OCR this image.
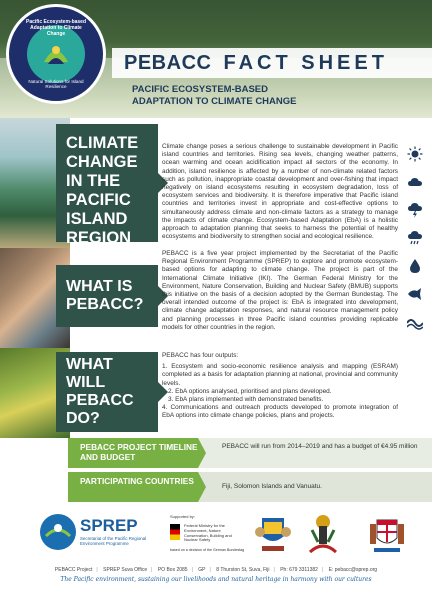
Pacific Ecosystem-based Adaptation to Climate Change
Natural Solutions for Island Resilience
PEBACC FACT SHEET
PACIFIC ECOSYSTEM-BASED
ADAPTATION TO CLIMATE CHANGE
CLIMATE CHANGE IN THE PACIFIC ISLAND REGION
WHAT IS PEBACC?
WHAT WILL PEBACC DO?
Climate change poses a serious challenge to sustainable development in Pacific island countries and territories. Rising sea levels, changing weather patterns, ocean warming and ocean acidification impact all sectors of the economy. In addition, island resilience is affected by a number of non-climate related factors such as pollution, inappropriate coastal development and over-fishing that impact negatively on island ecosystems resulting in ecosystem degradation, loss of ecosystem services and biodiversity. It is therefore imperative that Pacific island countries and territories invest in appropriate and cost-effective options to simultaneously address climate and non-climate factors as a strategy to manage the impacts of climate change. Ecosystem-based Adaptation (EbA) is a holistic approach to adaptation planning that seeks to harness the potential of healthy ecosystems and biodiversity to strengthen social and ecological resilience.
PEBACC is a five year project implemented by the Secretariat of the Pacific Regional Environment Programme (SPREP) to explore and promote ecosystem-based options for adapting to climate change. The project is part of the International Climate Initiative (IKI). The German Federal Ministry for the Environment, Nature Conservation, Building and Nuclear Safety (BMUB) supports this initiative on the basis of a decision adopted by the German Bundestag. The overall intended outcome of the project is: EbA is integrated into development, climate change adaptation responses, and natural resource management policy and planning processes in three Pacific island countries providing replicable models for other countries in the region.
PEBACC has four outputs:
1. Ecosystem and socio-economic resilience analysis and mapping (ESRAM) completed as a basis for adaptation planning at national, provincial and community levels.
2. EbA options analysed, prioritised and plans developed.
3. EbA plans implemented with demonstrated benefits.
4. Communications and outreach products developed to promote integration of EbA options into climate change policies, plans and projects.
PEBACC PROJECT TIMELINE AND BUDGET
PEBACC will run from 2014–2019 and has a budget of €4.95 million
PARTICIPATING COUNTRIES
Fiji, Solomon Islands and Vanuatu.
SPREP
Secretariat of the Pacific Regional Environment Programme
Supported by:
Federal Ministry for the Environment, Nature Conservation, Building and Nuclear Safety
based on a decision of the German Bundestag
PEBACC Project | SPREP Suva Office | PO Box 2085 | GP | 8 Thurston St, Suva, Fiji | Ph: 679 3311382 | E: pebacc@sprep.org
The Pacific environment, sustaining our livelihoods and natural heritage in harmony with our cultures
